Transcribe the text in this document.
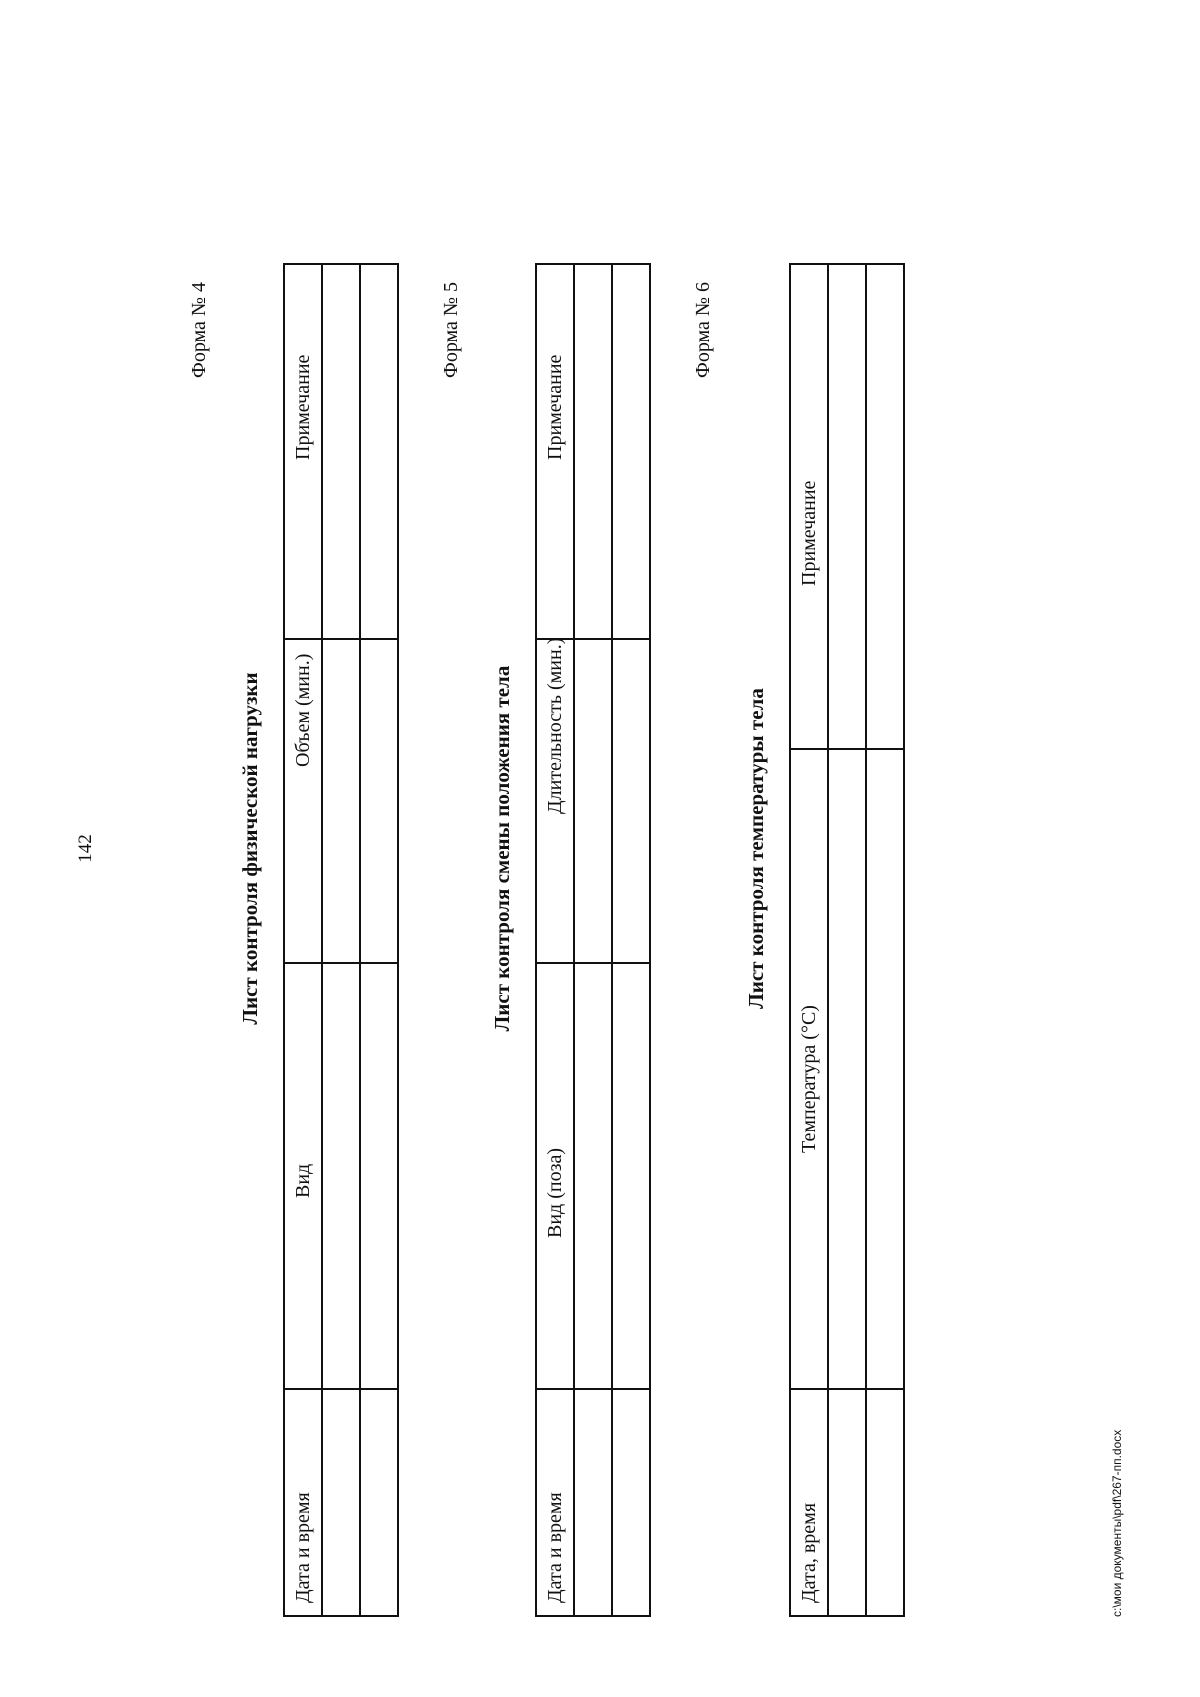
142
Форма № 4
Лист контроля физической нагрузки
Дата и время	Вид	Объем (мин.)	Примечание

Форма № 5
Лист контроля смены положения тела
Дата и время	Вид (поза)	Длительность (мин.)	Примечание

Форма № 6
Лист контроля температуры тела
Дата, время	Температура (°С)	Примечание

c:\мои документы\pdf\267-пп.docx
